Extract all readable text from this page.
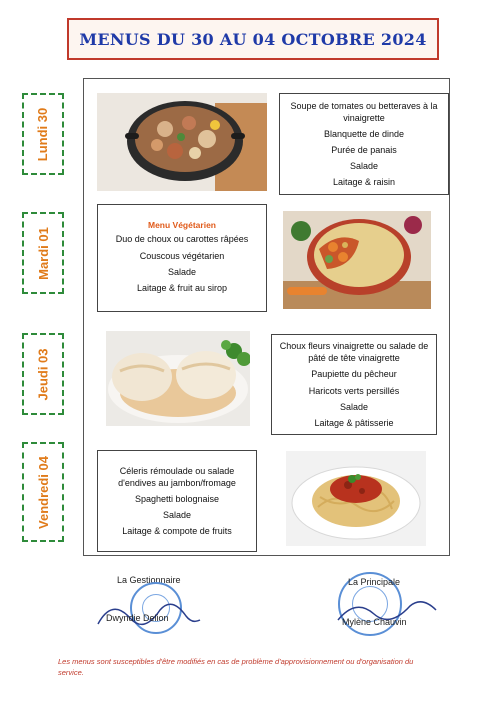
MENUS DU 30 AU 04 OCTOBRE 2024
Lundi 30
Mardi 01
Jeudi 03
Vendredi 04
Soupe de tomates ou betteraves à la vinaigrette
Blanquette de dinde
Purée de panais
Salade
Laitage & raisin
Menu Végétarien
Duo de choux ou carottes râpées
Couscous végétarien
Salade
Laitage & fruit au sirop
Choux fleurs vinaigrette ou salade de pâté de tête vinaigrette
Paupiette du pêcheur
Haricots verts persillés
Salade
Laitage & pâtisserie
Céleris rémoulade ou salade d'endives au jambon/fromage
Spaghetti bolognaise
Salade
Laitage & compote de fruits
La Gestionnaire
Dwyndie Delion
La Principale
Mylène Chauvin
Les menus sont susceptibles d'être modifiés en cas de problème d'approvisionnement ou d'organisation du service.
